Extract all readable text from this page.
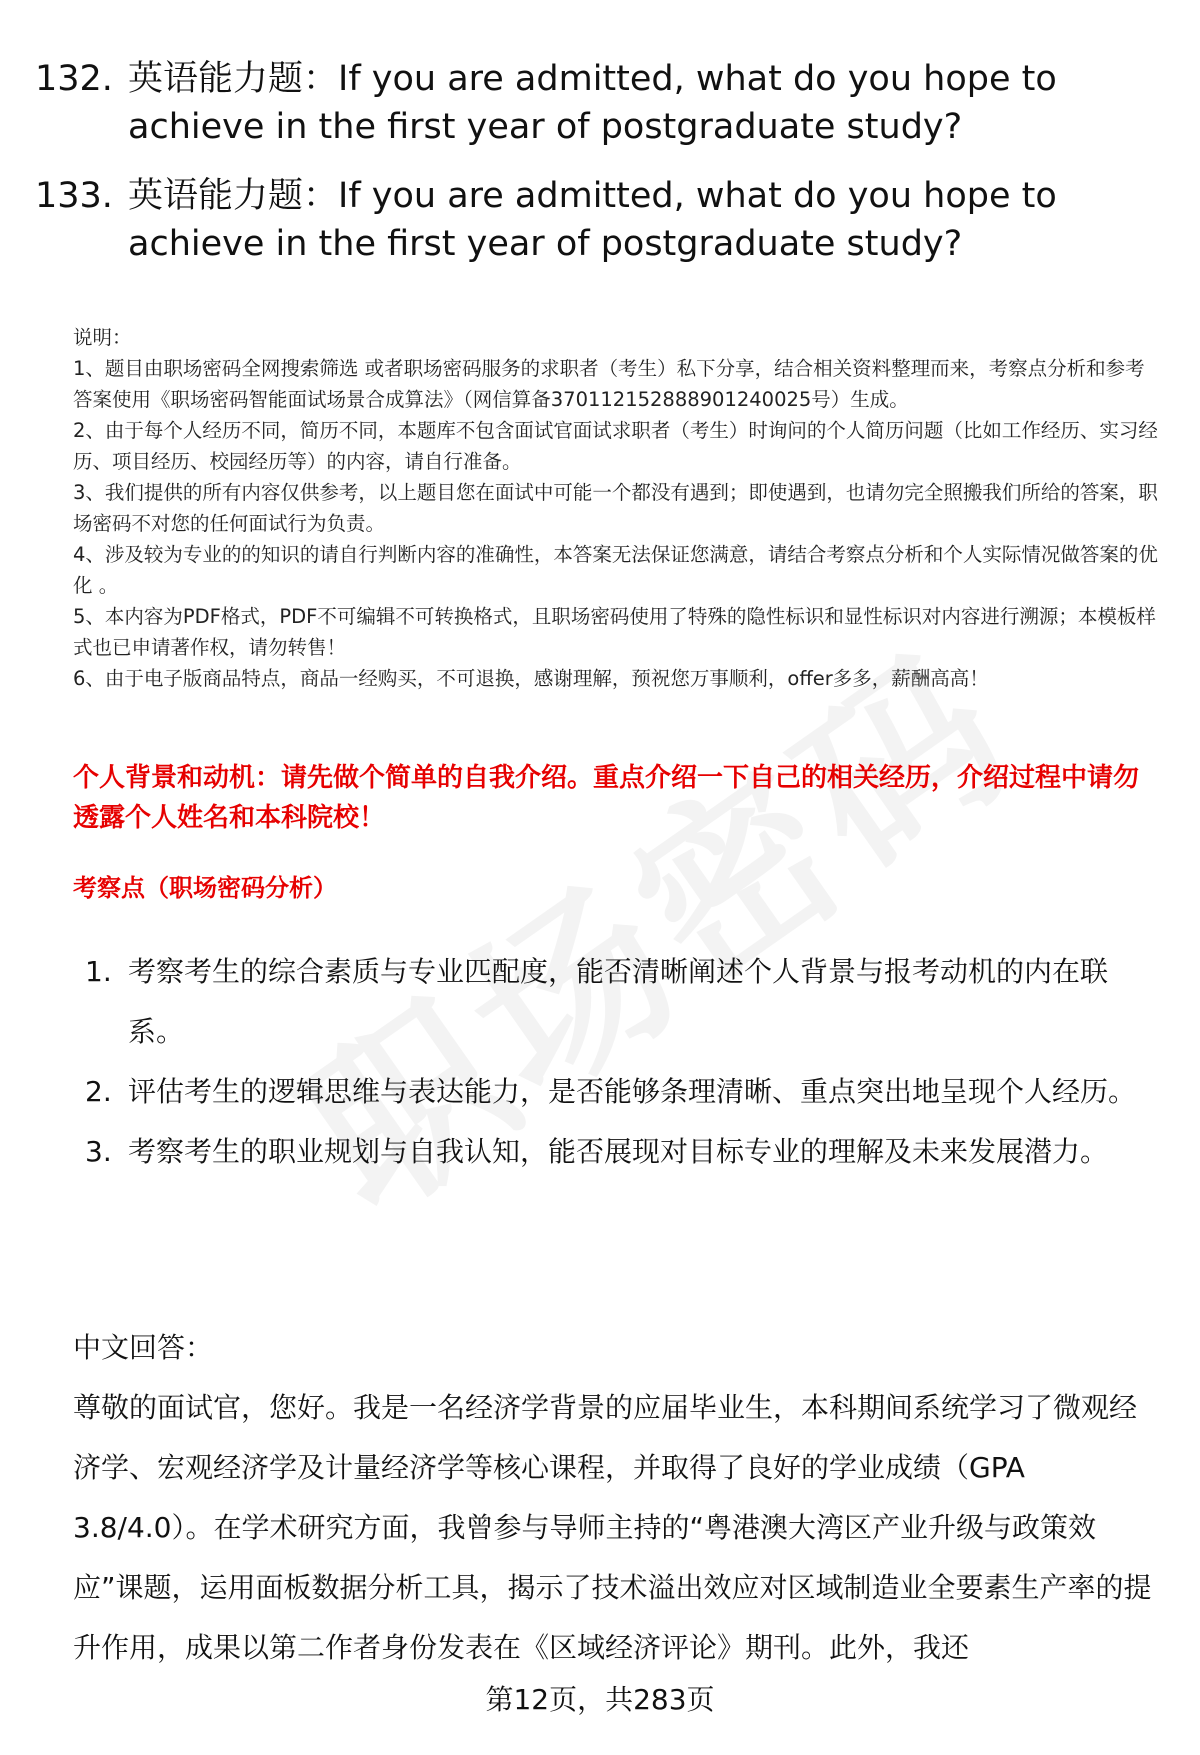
132. 英语能力题：If you are admitted, what do you hope to achieve in the first year of postgraduate study?
133. 英语能力题：If you are admitted, what do you hope to achieve in the first year of postgraduate study?
说明：
1、题目由职场密码全网搜索筛选 或者职场密码服务的求职者（考生）私下分享，结合相关资料整理而来，考察点分析和参考答案使用《职场密码智能面试场景合成算法》（网信算备370112152888901240025号）生成。
2、由于每个人经历不同，简历不同，本题库不包含面试官面试求职者（考生）时询问的个人简历问题（比如工作经历、实习经历、项目经历、校园经历等）的内容，请自行准备。
3、我们提供的所有内容仅供参考，以上题目您在面试中可能一个都没有遇到；即使遇到，也请勿完全照搬我们所给的答案，职场密码不对您的任何面试行为负责。
4、涉及较为专业的的知识的请自行判断内容的准确性，本答案无法保证您满意，请结合考察点分析和个人实际情况做答案的优化 。
5、本内容为PDF格式，PDF不可编辑不可转换格式，且职场密码使用了特殊的隐性标识和显性标识对内容进行溯源；本模板样式也已申请著作权，请勿转售！
6、由于电子版商品特点，商品一经购买，不可退换，感谢理解，预祝您万事顺利，offer多多，薪酬高高！
个人背景和动机：请先做个简单的自我介绍。重点介绍一下自己的相关经历，介绍过程中请勿透露个人姓名和本科院校！
考察点（职场密码分析）
1. 考察考生的综合素质与专业匹配度，能否清晰阐述个人背景与报考动机的内在联系。
2. 评估考生的逻辑思维与表达能力，是否能够条理清晰、重点突出地呈现个人经历。
3. 考察考生的职业规划与自我认知，能否展现对目标专业的理解及未来发展潜力。
中文回答：
尊敬的面试官，您好。我是一名经济学背景的应届毕业生，本科期间系统学习了微观经济学、宏观经济学及计量经济学等核心课程，并取得了良好的学业成绩（GPA 3.8/4.0）。在学术研究方面，我曾参与导师主持的“粤港澳大湾区产业升级与政策效应”课题，运用面板数据分析工具，揭示了技术溢出效应对区域制造业全要素生产率的提升作用，成果以第二作者身份发表在《区域经济评论》期刊。此外，我还
第12页，共283页
